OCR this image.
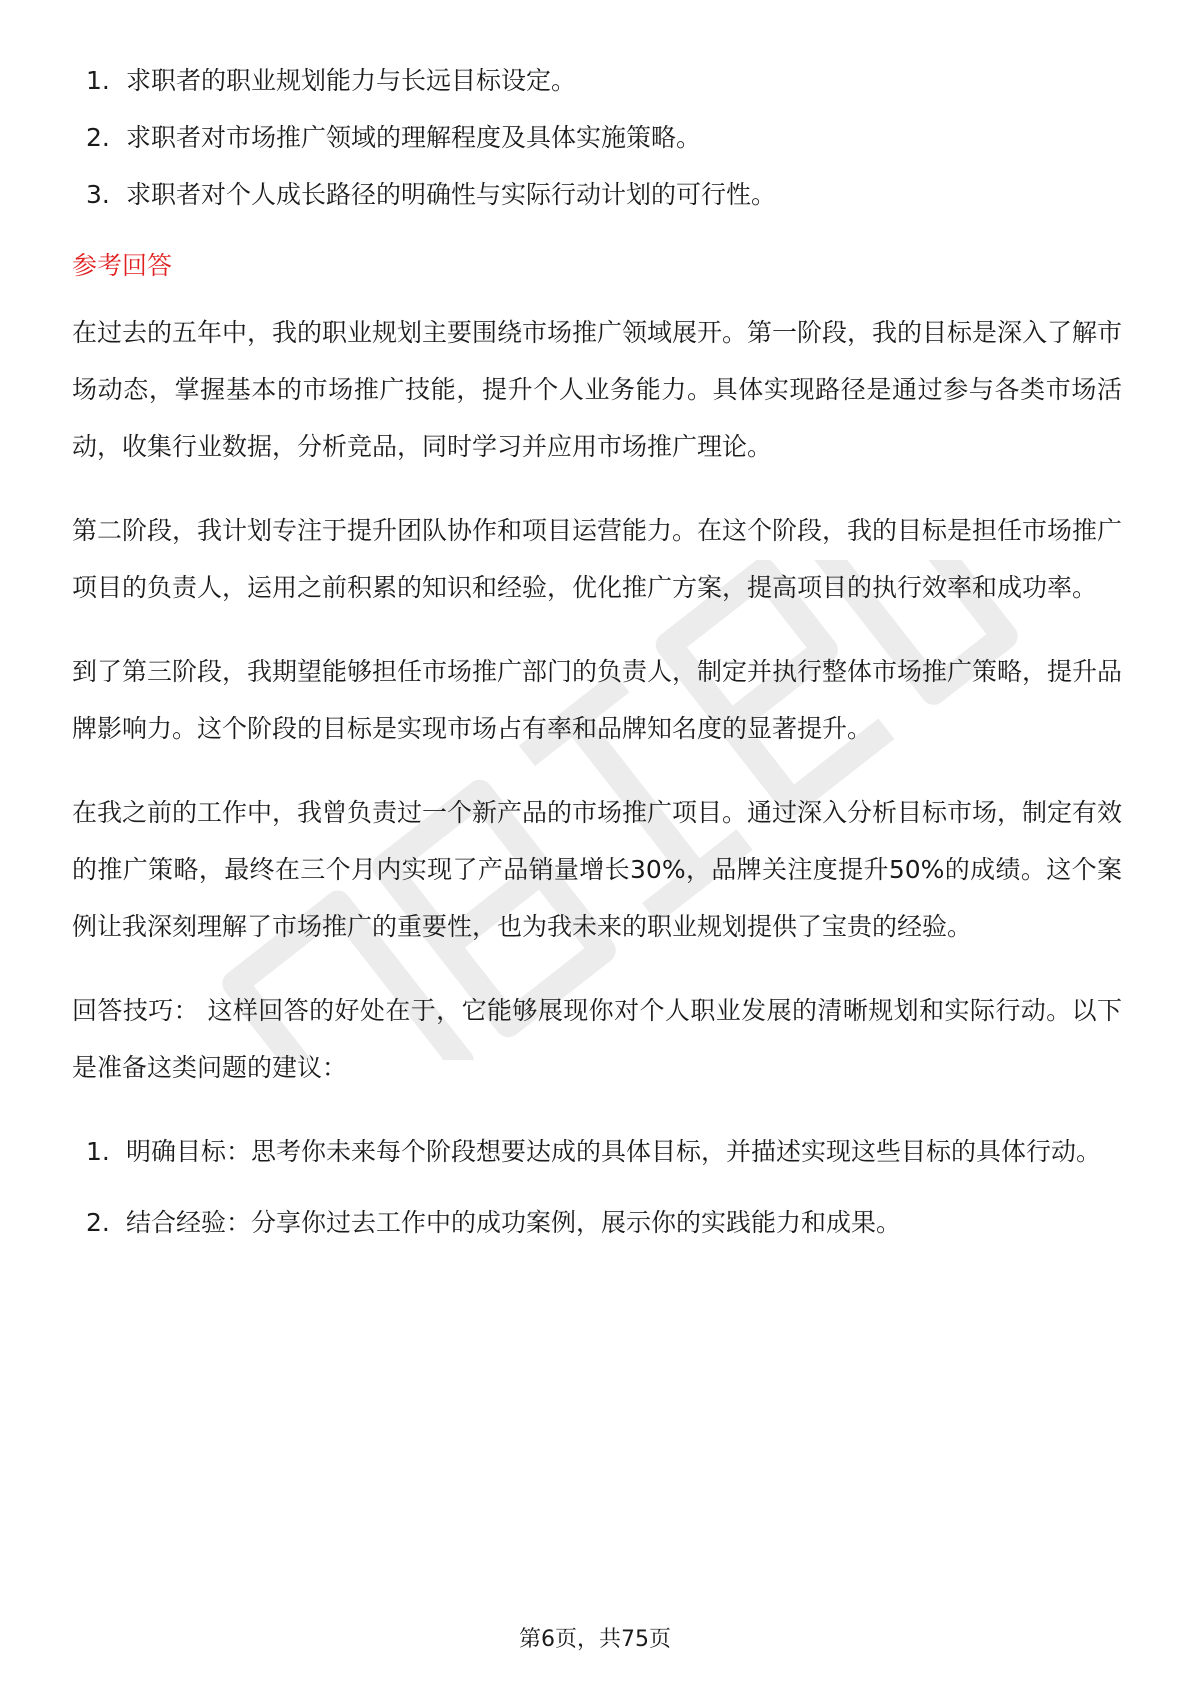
1. 求职者的职业规划能力与长远目标设定。
2. 求职者对市场推广领域的理解程度及具体实施策略。
3. 求职者对个人成长路径的明确性与实际行动计划的可行性。
参考回答

在过去的五年中，我的职业规划主要围绕市场推广领域展开。第一阶段，我的目标是深入了解市场动态，掌握基本的市场推广技能，提升个人业务能力。具体实现路径是通过参与各类市场活动，收集行业数据，分析竞品，同时学习并应用市场推广理论。

第二阶段，我计划专注于提升团队协作和项目运营能力。在这个阶段，我的目标是担任市场推广项目的负责人，运用之前积累的知识和经验，优化推广方案，提高项目的执行效率和成功率。

到了第三阶段，我期望能够担任市场推广部门的负责人，制定并执行整体市场推广策略，提升品牌影响力。这个阶段的目标是实现市场占有率和品牌知名度的显著提升。

在我之前的工作中，我曾负责过一个新产品的市场推广项目。通过深入分析目标市场，制定有效的推广策略，最终在三个月内实现了产品销量增长30%，品牌关注度提升50%的成绩。这个案例让我深刻理解了市场推广的重要性，也为我未来的职业规划提供了宝贵的经验。

回答技巧： 这样回答的好处在于，它能够展现你对个人职业发展的清晰规划和实际行动。以下是准备这类问题的建议：

1. 明确目标：思考你未来每个阶段想要达成的具体目标，并描述实现这些目标的具体行动。
2. 结合经验：分享你过去工作中的成功案例，展示你的实践能力和成果。
第6页，共75页
